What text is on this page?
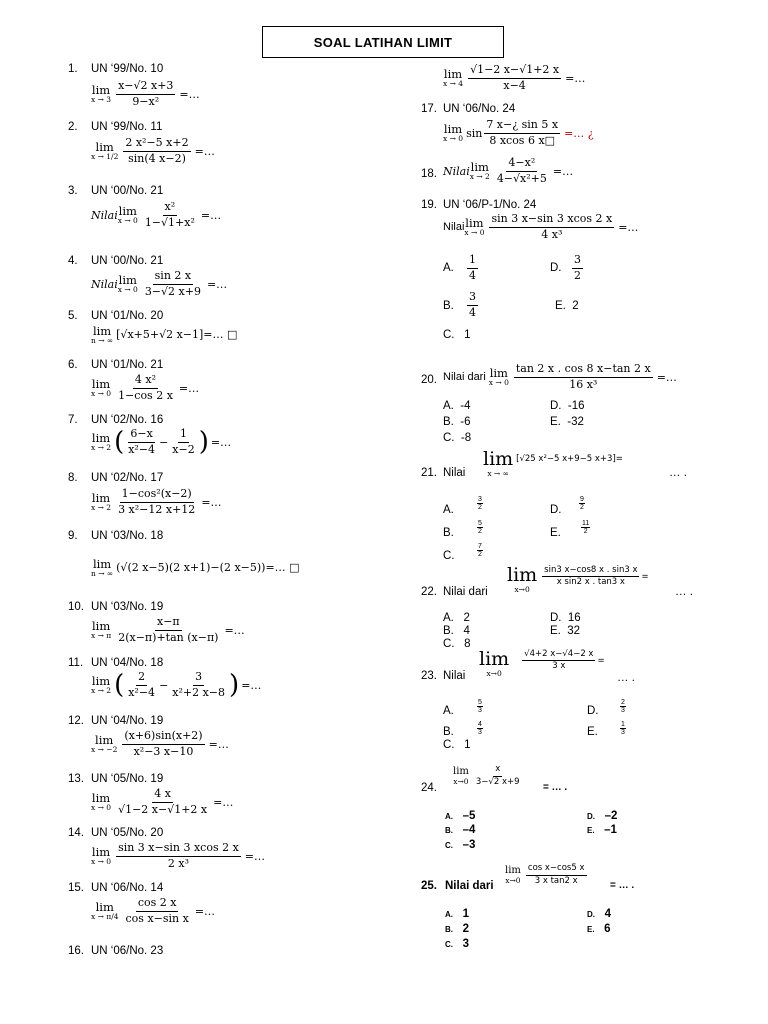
SOAL LATIHAN LIMIT
1. UN ‘99/No. 10
lim
$x \to 3 \frac{x-√2 x+3}{\text{9−x²}}$ =…
2. UN ‘99/No. 11
lim
$x \to 1/2 \frac{\text{2 x²−5 x+2}}{\sin(4 x-2)}$ =…
3. UN ‘00/No. 21
Nilai lim
$x \to 0 \frac{\text{x²}}{\text{1−√1+x²}}$ =…
4. UN ‘00/No. 21
Nilai lim
$x \to 0 \frac{\sin 2 x}{3-√2 x+9}$ =…
5. UN ‘01/No. 20
lim
n → ∞ [√x+5+√2 x−1]=… □
6. UN ‘01/No. 21
lim
$x \to 0 \frac{\text{4 x²}}{1-\cos 2 x}$ =…
7. UN ‘02/No. 16
lim
x → 2 ( $\frac{6-x}{\text{x²−4}} - \frac{1}{x-2}$ ) =…
8. UN ‘02/No. 17
lim
$x \to 2 \frac{\text{1−cos²(x−2)}}{\text{3 x²−12 x+12}}$ =…
9. UN ‘03/No. 18
lim
n → ∞ (√(2 x−5)(2 x+1)−(2 x−5))=… □
10. UN ‘03/No. 19
lim
x → π $\frac{x-\pi}{2(x-\pi)+\tan (x-\pi)}$ =…
11. UN ‘04/No. 18
lim
x → 2 ( $\frac{2}{\text{x²−4}} - \frac{3}{\text{x²+2 x−8}}$ ) =…
12. UN ‘04/No. 19
lim
$x \to -2 \frac{(x+6)\sin(x+2)}{\text{x²−3 x−10}}$ =…
13. UN ‘05/No. 19
lim
$x \to 0 \frac{4 x}{√1-2 x-√1+2 x}$ =…
14. UN ‘05/No. 20
lim
$x \to 0 \frac{\sin 3 x-\sin 3 xcos 2 x}{\text{2 x³}}$ =…
15. UN ‘06/No. 14
lim
$x \to \pi/4 \frac{\cos 2 x}{\text{cos x−sin x}}$ =…
16. UN ‘06/No. 23
lim
$x \to 4 \frac{√1-2 x-√1+2 x}{x-4}$ =…
17. UN ‘06/No. 24
lim
x → 0 $\sin \frac{7 x-¿ \sin 5 x}{8 xcos 6 x□}$ =… ¿
18. Nilai lim
$x \to 2 \frac{\text{4−x²}}{\text{4−√x²+5}}$ =…
19. UN ‘06/P-1/No. 24
Nilai lim
$x \to 0 \frac{\sin 3 x-\sin 3 xcos 2 x}{\text{4 x³}}$ =…
A. $\frac{1}{4}$	D. $\frac{3}{2}$
B. $\frac{3}{4}$	E. 2
C. 1
20. Nilai dari lim
$x \to 0 \frac{\tan 2 x . \cos 8 x-\tan 2 x}{\text{16 x³}}$ =…
A. -4	D. -16
B. -6	E. -32
C. -8
21. Nilai
lim
x → ∞
[√25 x²−5 x+9−5 x+3]=
… .
A.	$\frac{3}{2}$	D.	$\frac{9}{2}$
B.	$\frac{5}{2}$	E.	$\frac{11}{2}$
C.	$\frac{7}{2}$
22. Nilai dari
lim
x→0
$\frac{\sin 3 x-\cos 8 x . \sin 3 x}{\text{x sin2 x . tan3 x}}$ =
… .
A. 2	D. 16
B. 4	E. 32
C. 8
23. Nilai
lim
x→0
$\frac{√4+2 x-√4-2 x}{3 x}$ =
… .
A.	$\frac{5}{3}$	D.	$\frac{2}{3}$
B.	$\frac{4}{3}$	E.	$\frac{1}{3}$
C. 1
24.
lim
$x\to 0 \frac{x}{3-√2 x+9}$ = … .
A. –5	D. –2
B. –4	E. –1
C. –3
25. Nilai dari
lim
$x\to 0 \frac{\text{cos x−cos5 x}}{\text{3 x tan2 x}}$ = … .
A. 1	D. 4
B. 2	E. 6
C. 3
